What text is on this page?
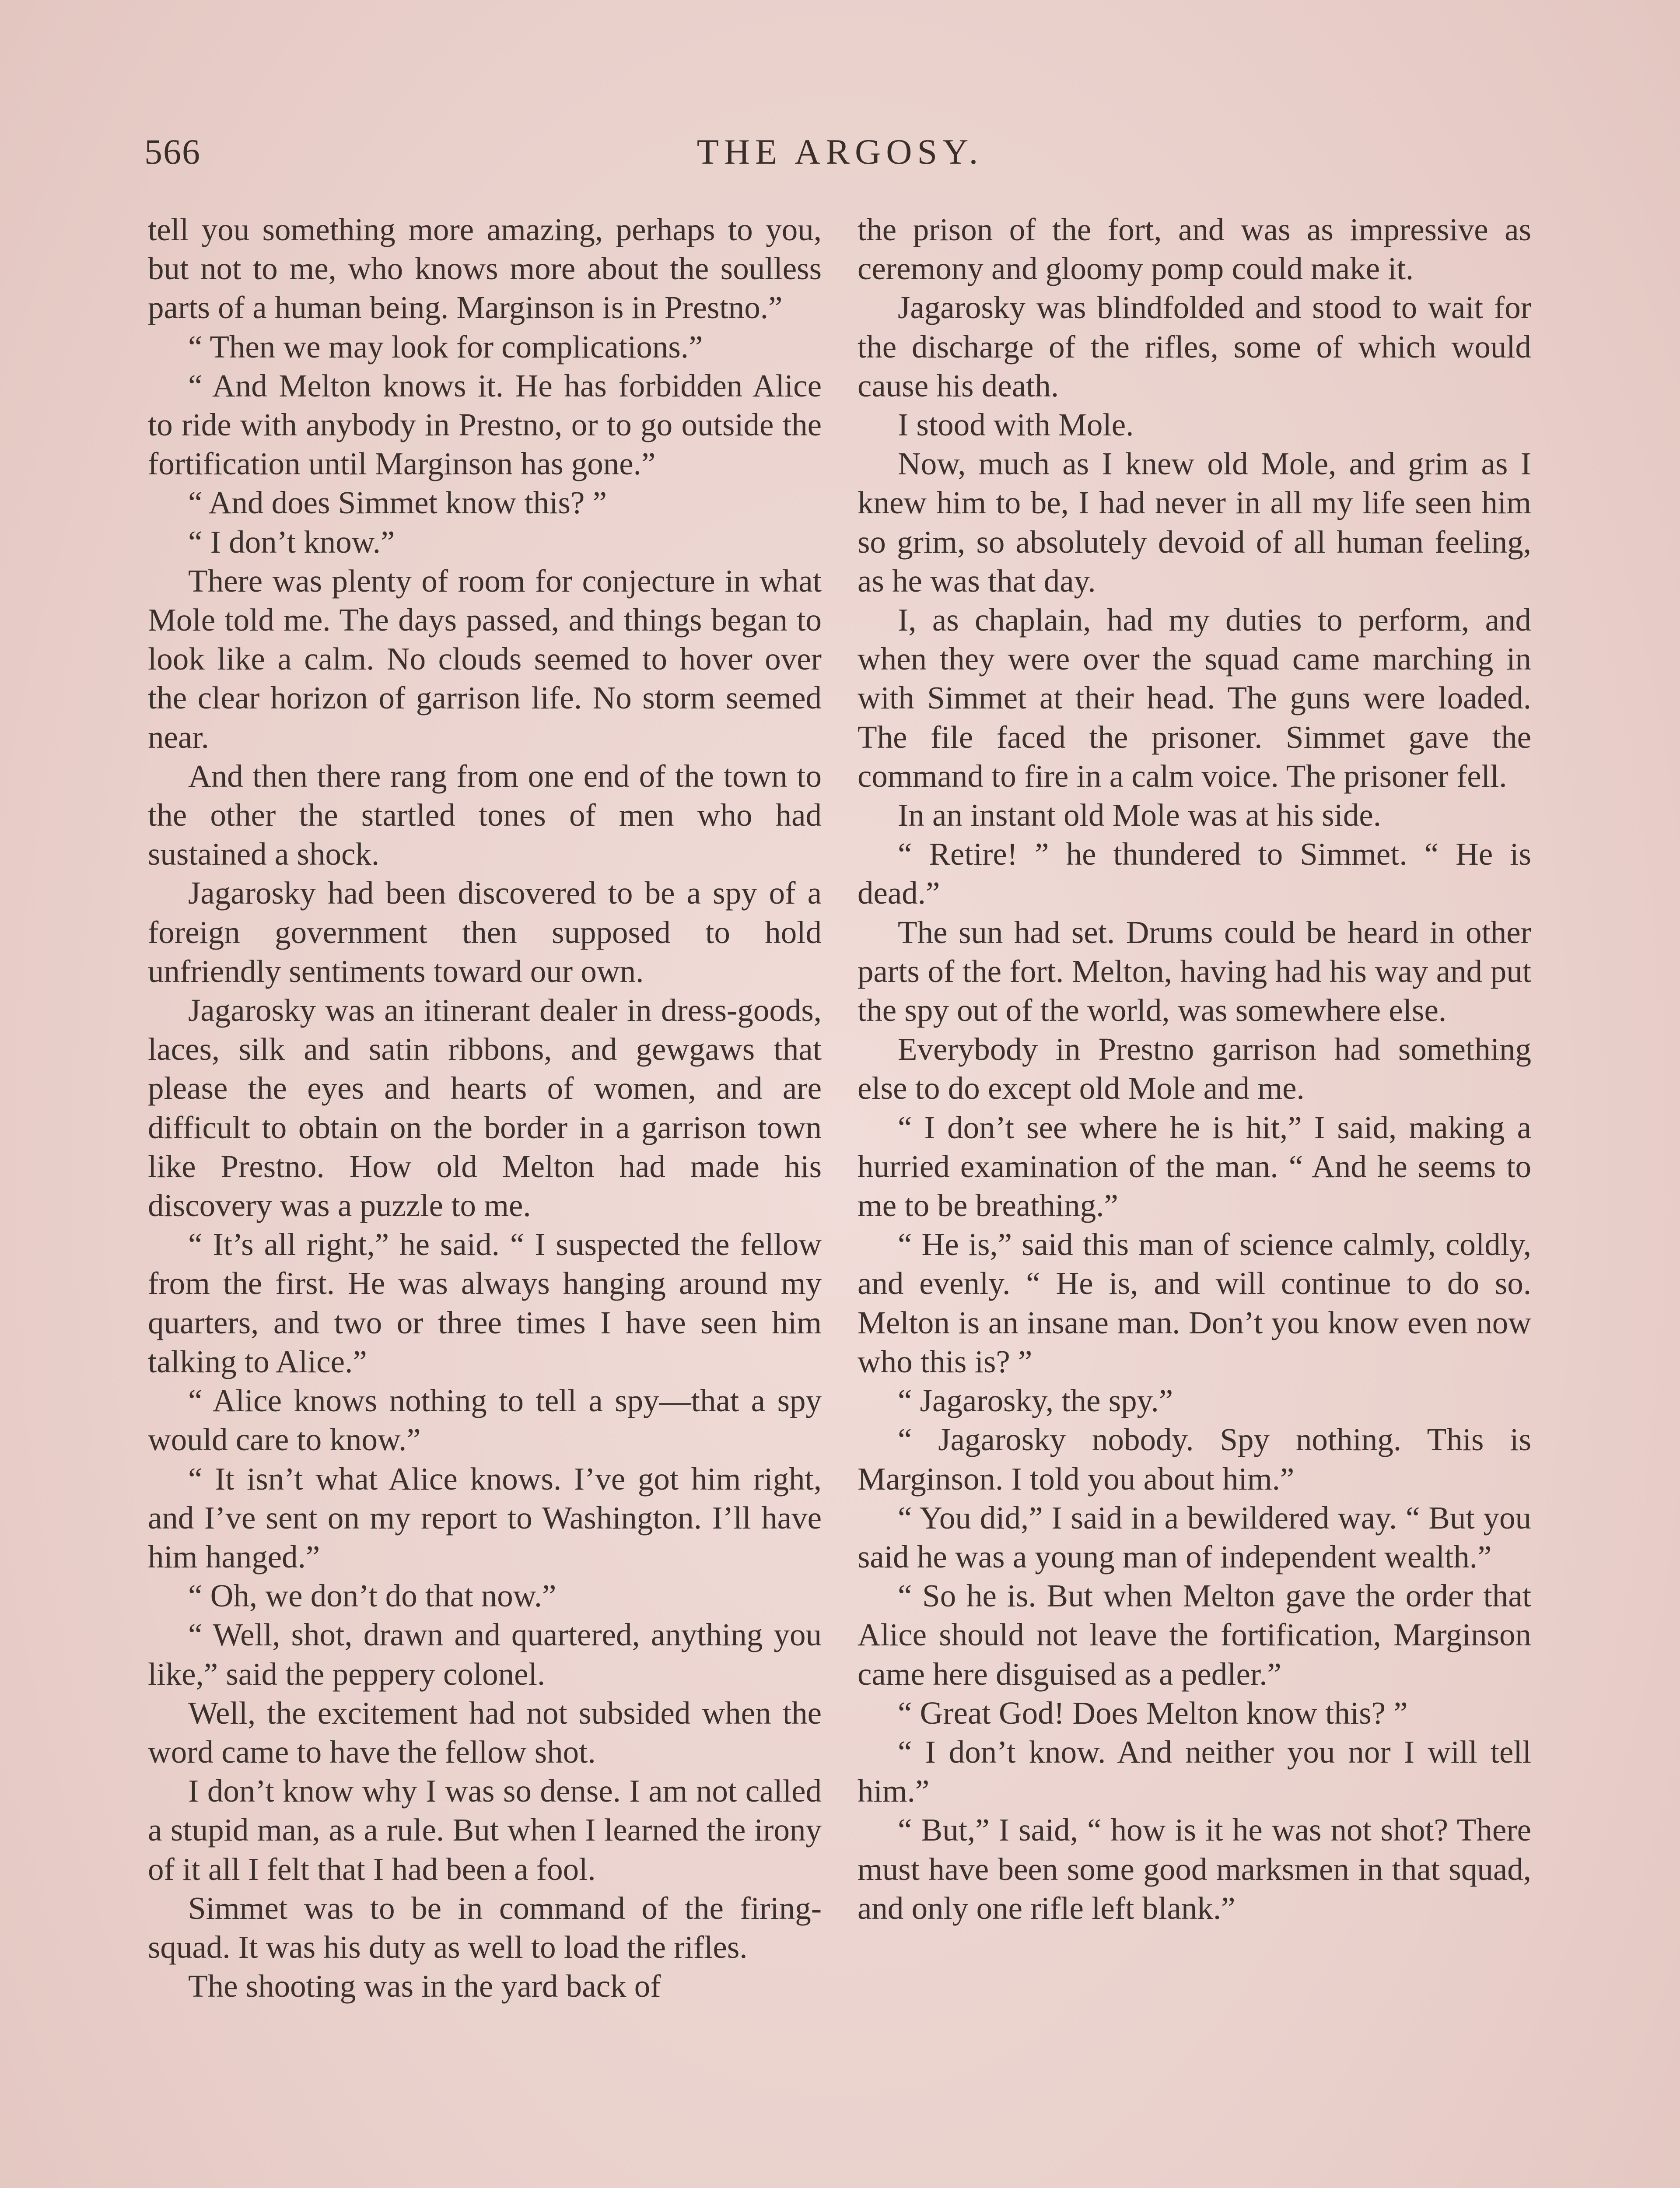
566	THE ARGOSY.

tell you something more amazing, perhaps to you, but not to me, who knows more about the soulless parts of a human being. Marginson is in Prestno.”

“ Then we may look for complications.”

“ And Melton knows it. He has forbidden Alice to ride with anybody in Prestno, or to go outside the fortification until Marginson has gone.”

“ And does Simmet know this? ”

“ I don’t know.”

There was plenty of room for conjecture in what Mole told me. The days passed, and things began to look like a calm. No clouds seemed to hover over the clear horizon of garrison life. No storm seemed near.

And then there rang from one end of the town to the other the startled tones of men who had sustained a shock.

Jagarosky had been discovered to be a spy of a foreign government then supposed to hold unfriendly sentiments toward our own.

Jagarosky was an itinerant dealer in dress-goods, laces, silk and satin ribbons, and gewgaws that please the eyes and hearts of women, and are difficult to obtain on the border in a garrison town like Prestno. How old Melton had made his discovery was a puzzle to me.

“ It’s all right,” he said. “ I suspected the fellow from the first. He was always hanging around my quarters, and two or three times I have seen him talking to Alice.”

“ Alice knows nothing to tell a spy—that a spy would care to know.”

“ It isn’t what Alice knows. I’ve got him right, and I’ve sent on my report to Washington. I’ll have him hanged.”

“ Oh, we don’t do that now.”

“ Well, shot, drawn and quartered, anything you like,” said the peppery colonel.

Well, the excitement had not subsided when the word came to have the fellow shot.

I don’t know why I was so dense. I am not called a stupid man, as a rule. But when I learned the irony of it all I felt that I had been a fool.

Simmet was to be in command of the firing-squad. It was his duty as well to load the rifles.

The shooting was in the yard back of

the prison of the fort, and was as impressive as ceremony and gloomy pomp could make it.

Jagarosky was blindfolded and stood to wait for the discharge of the rifles, some of which would cause his death.

I stood with Mole.

Now, much as I knew old Mole, and grim as I knew him to be, I had never in all my life seen him so grim, so absolutely devoid of all human feeling, as he was that day.

I, as chaplain, had my duties to perform, and when they were over the squad came marching in with Simmet at their head. The guns were loaded. The file faced the prisoner. Simmet gave the command to fire in a calm voice. The prisoner fell.

In an instant old Mole was at his side.

“ Retire! ” he thundered to Simmet. “ He is dead.”

The sun had set. Drums could be heard in other parts of the fort. Melton, having had his way and put the spy out of the world, was somewhere else.

Everybody in Prestno garrison had something else to do except old Mole and me.

“ I don’t see where he is hit,” I said, making a hurried examination of the man. “ And he seems to me to be breathing.”

“ He is,” said this man of science calmly, coldly, and evenly. “ He is, and will continue to do so. Melton is an insane man. Don’t you know even now who this is? ”

“ Jagarosky, the spy.”

“ Jagarosky nobody. Spy nothing. This is Marginson. I told you about him.”

“ You did,” I said in a bewildered way. “ But you said he was a young man of independent wealth.”

“ So he is. But when Melton gave the order that Alice should not leave the fortification, Marginson came here disguised as a pedler.”

“ Great God! Does Melton know this? ”

“ I don’t know. And neither you nor I will tell him.”

“ But,” I said, “ how is it he was not shot? There must have been some good marksmen in that squad, and only one rifle left blank.”
